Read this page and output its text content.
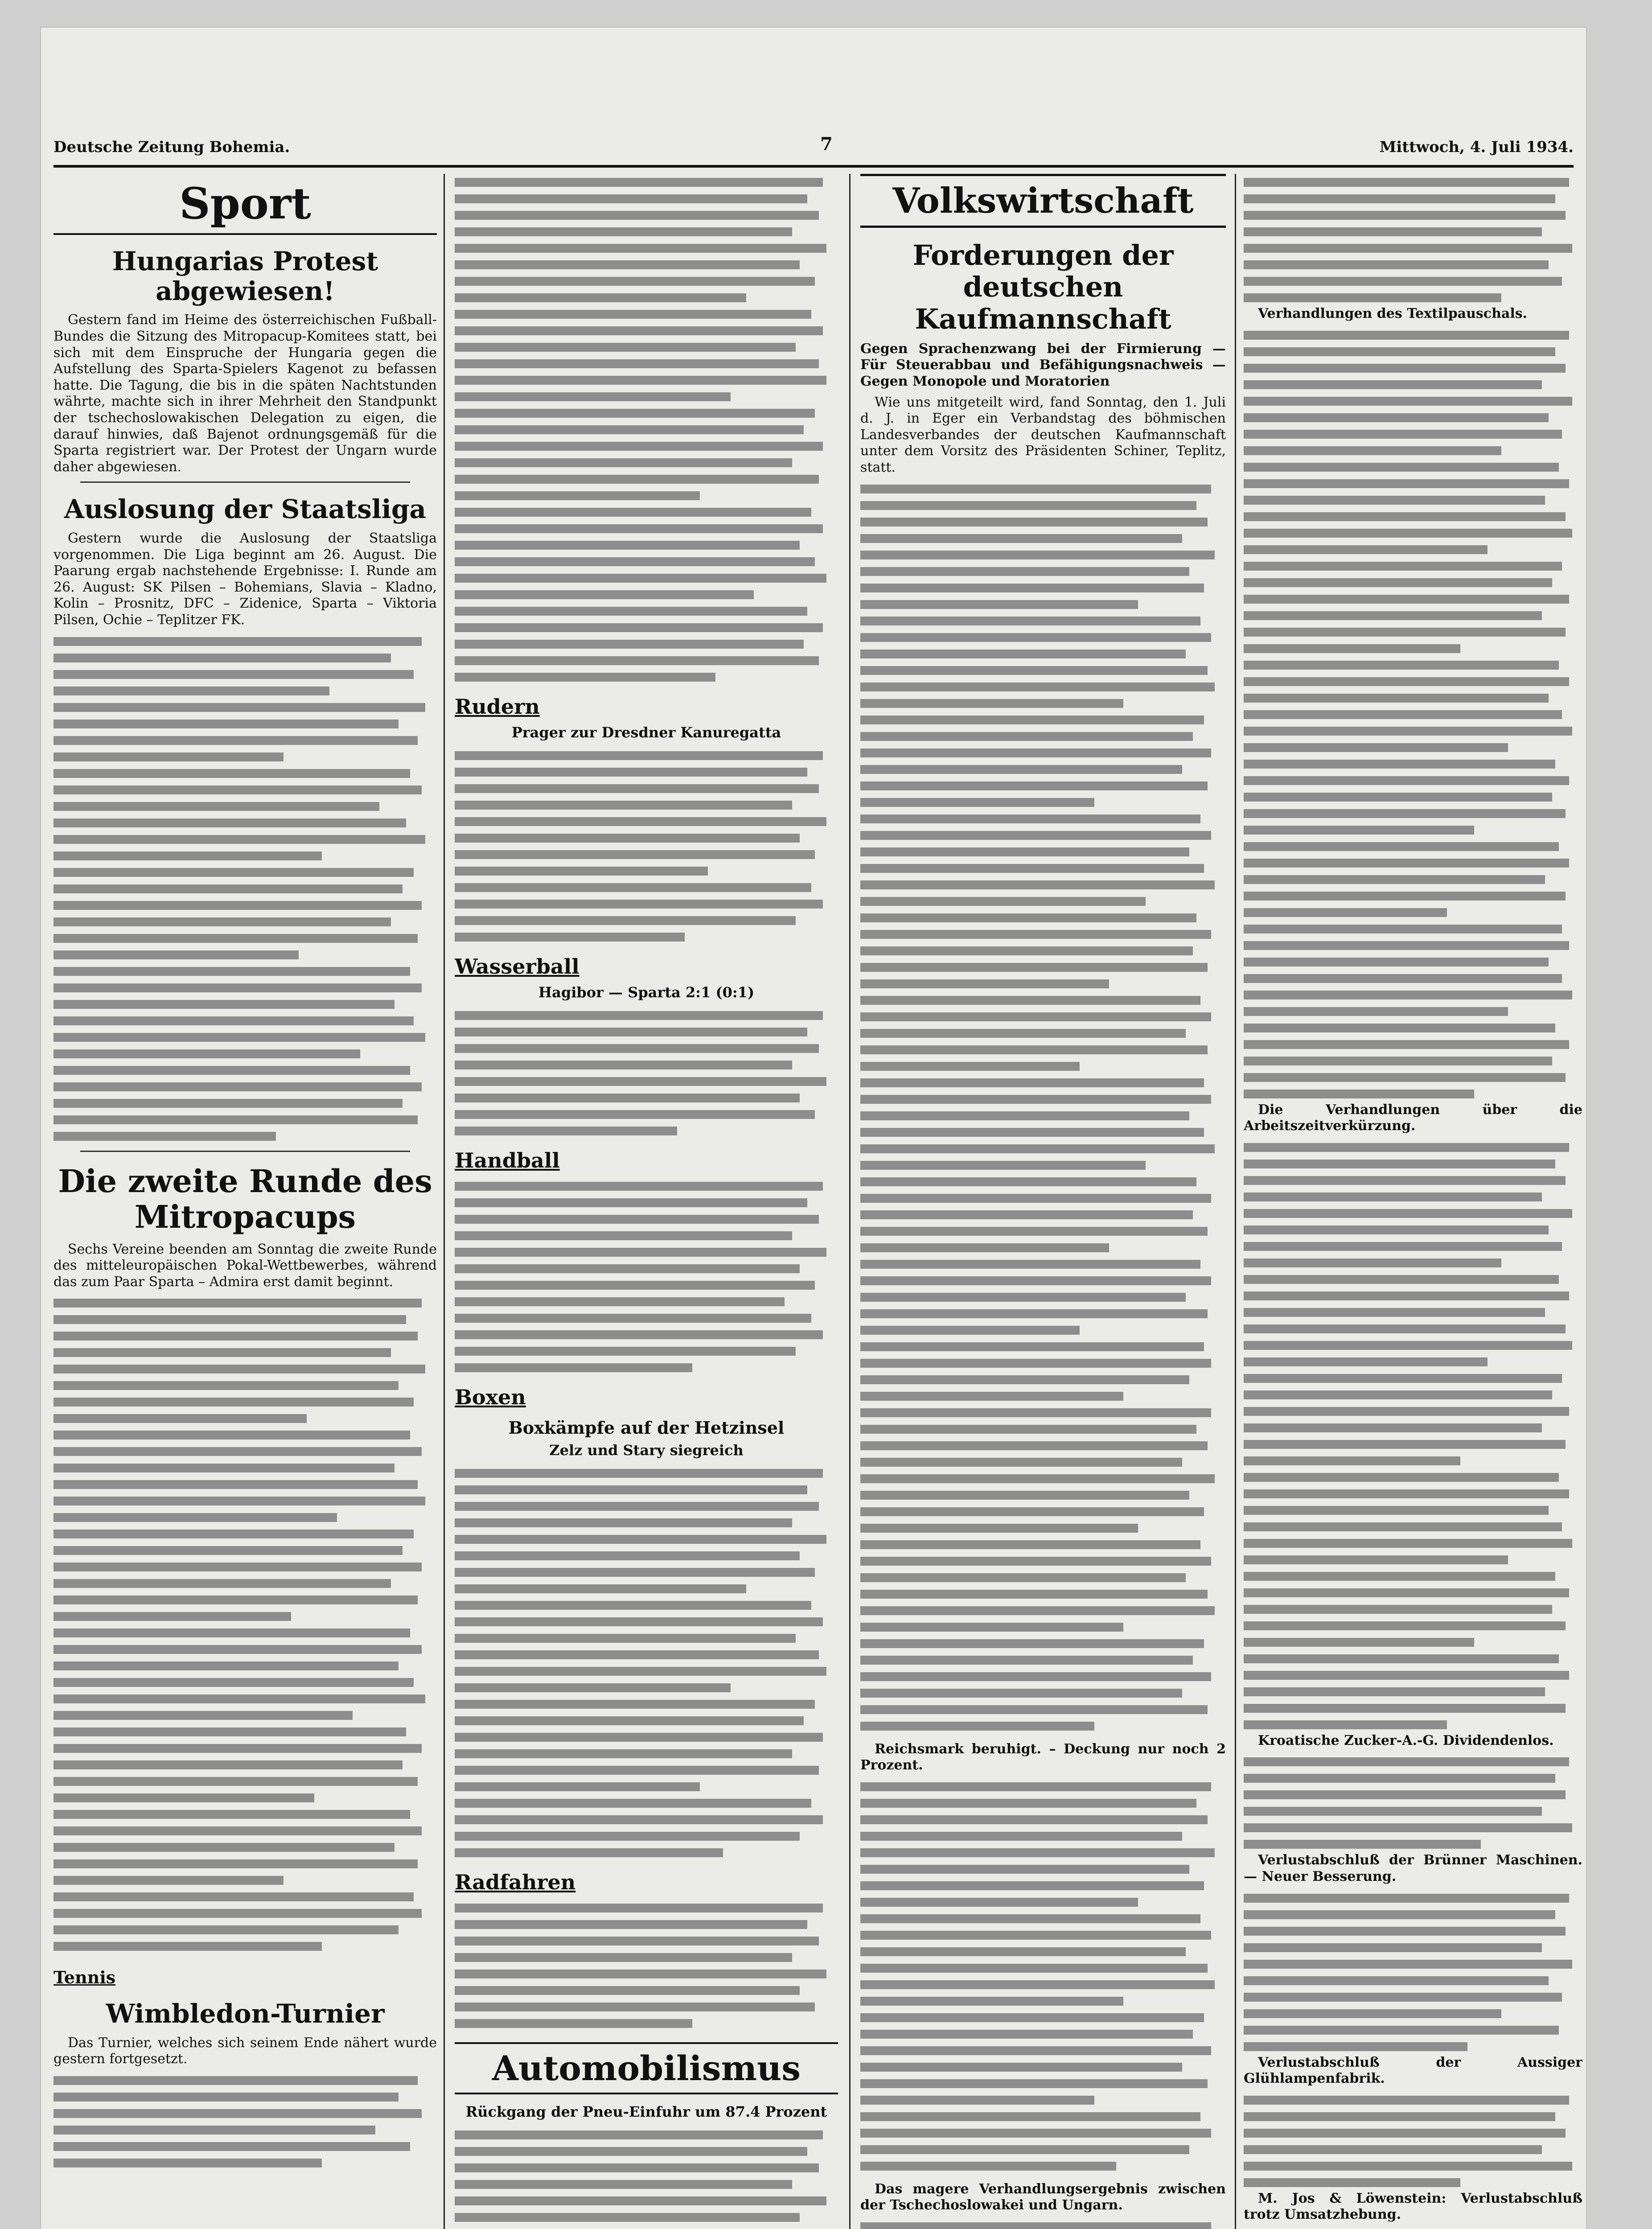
Deutsche Zeitung Bohemia.	7	Mittwoch, 4. Juli 1934.
Sport
Hungarias Protest abgewiesen!
Gestern fand im Heime des österreichischen Fußball-Bundes die Sitzung des Mitropacup-Komitees statt, bei sich mit dem Einspruche der Hungaria gegen die Aufstellung des Sparta-Spielers Kagenot zu befassen hatte. Die Tagung, die bis in die späten Nachtstunden währte, machte sich in ihrer Mehrheit den Standpunkt der tschechoslowakischen Delegation zu eigen, die darauf hinwies, daß Bajenot ordnungsgemäß für die Sparta registriert war. Der Protest der Ungarn wurde daher abgewiesen.
Auslosung der Staatsliga
Gestern wurde die Auslosung der Staatsliga vorgenommen. Die Liga beginnt am 26. August. Die Paarung ergab nachstehende Ergebnisse: I. Runde am 26. August: SK Pilsen – Bohemians, Slavia – Kladno, Kolin – Prosnitz, DFC – Zidenice, Sparta – Viktoria Pilsen, Ochie – Teplitzer FK.

Die zweite Runde des Mitropacups
Sechs Vereine beenden am Sonntag die zweite Runde des mitteleuropäischen Pokal-Wettbewerbes, während das zum Paar Sparta – Admira erst damit beginnt.

Tennis
Wimbledon-Turnier
Das Turnier, welches sich seinem Ende nähert wurde gestern fortgesetzt.

Rudern
Prager zur Dresdner Kanuregatta

Wasserball
Hagibor — Sparta 2:1 (0:1)

Handball

Boxen
Boxkämpfe auf der Hetzinsel
Zelz und Stary siegreich

Radfahren

Automobilismus
Rückgang der Pneu-Einfuhr um 87.4 Prozent

Volkswirtschaft
Forderungen der deutschen Kaufmannschaft
Gegen Sprachenzwang bei der Firmierung — Für Steuerabbau und Befähigungsnachweis — Gegen Monopole und Moratorien
Wie uns mitgeteilt wird, fand Sonntag, den 1. Juli d. J. in Eger ein Verbandstag des böhmischen Landesverbandes der deutschen Kaufmannschaft unter dem Vorsitz des Präsidenten Schiner, Teplitz, statt.

Reichsmark beruhigt. – Deckung nur noch 2 Prozent.

Das magere Verhandlungsergebnis zwischen der Tschechoslowakei und Ungarn.

Verhandlungen des Textilpauschals.

Die Verhandlungen über die Arbeitszeitverkürzung.

Kroatische Zucker-A.-G. Dividendenlos.

Verlustabschluß der Brünner Maschinen. — Neuer Besserung.

Verlustabschluß der Aussiger Glühlampenfabrik.

M. Jos & Löwenstein: Verlustabschluß trotz Umsatzhebung.
